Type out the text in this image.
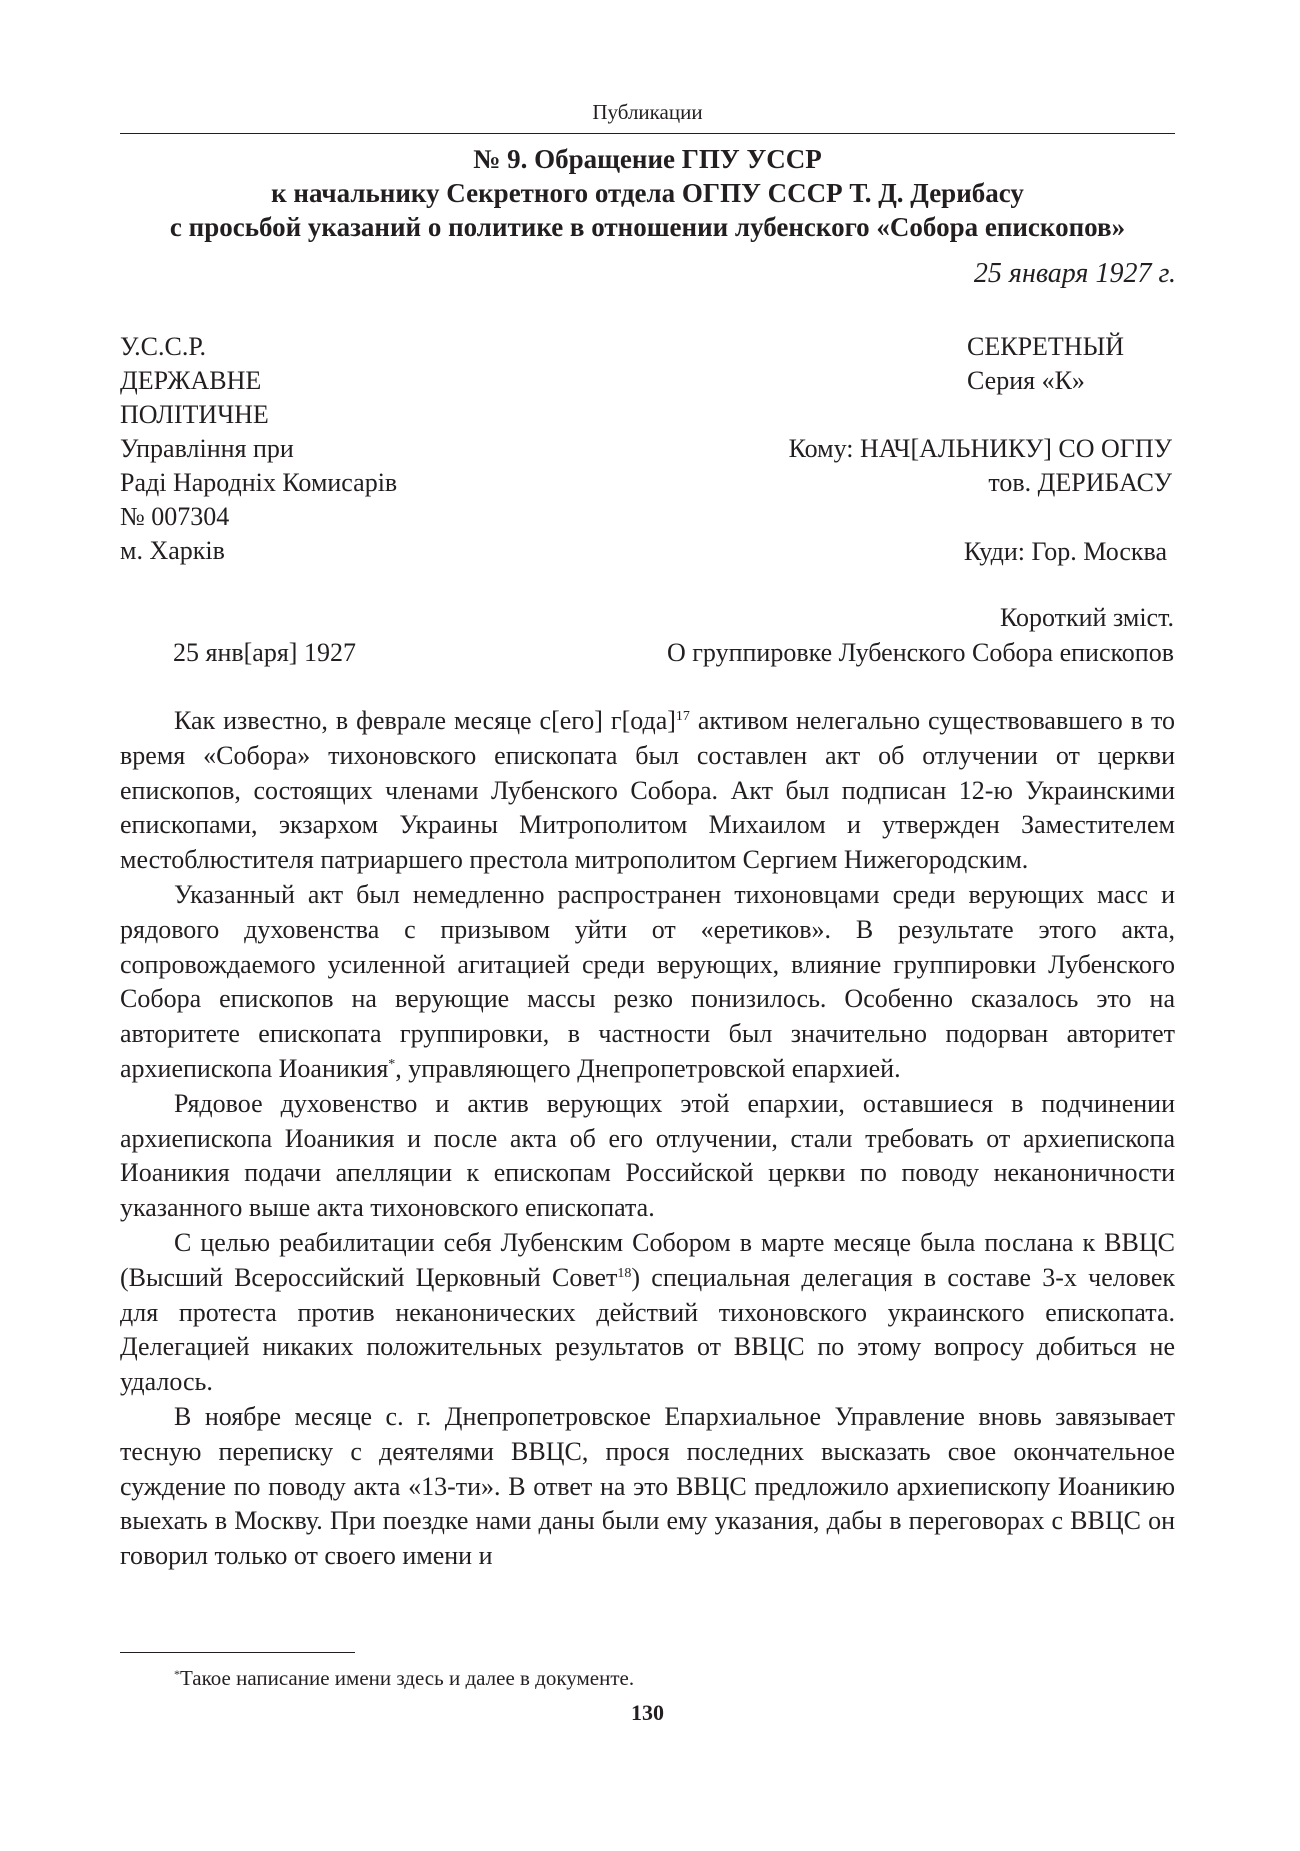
Публикации
№ 9. Обращение ГПУ УССР
к начальнику Секретного отдела ОГПУ СССР Т. Д. Дерибасу
с просьбой указаний о политике в отношении лубенского «Собора епископов»
25 января 1927 г.
У.С.С.Р.
ДЕРЖАВНЕ
ПОЛІТИЧНЕ
Управління при
Раді Народніх Комисарів
№ 007304
м. Харків
СЕКРЕТНЫЙ
Серия «К»
Кому: НАЧ[АЛЬНИКУ] СО ОГПУ
тов. ДЕРИБАСУ
Куди: Гор. Москва
Короткий зміст.
25 янв[аря] 1927	О группировке Лубенского Собора епископов

Как известно, в феврале месяце с[его] г[ода]$^{17}$ активом нелегально существовавшего в то время «Собора» тихоновского епископата был составлен акт об отлучении от церкви епископов, состоящих членами Лубенского Собора. Акт был подписан 12-ю Украинскими епископами, экзархом Украины Митрополитом Михаилом и утвержден Заместителем местоблюстителя патриаршего престола митрополитом Сергием Нижегородским.

Указанный акт был немедленно распространен тихоновцами среди верующих масс и рядового духовенства с призывом уйти от «еретиков». В результате этого акта, сопровождаемого усиленной агитацией среди верующих, влияние группировки Лубенского Собора епископов на верующие массы резко понизилось. Особенно сказалось это на авторитете епископата группировки, в частности был значительно подорван авторитет архиепископа Иоаникия*, управляющего Днепропетровской епархией.

Рядовое духовенство и актив верующих этой епархии, оставшиеся в подчинении архиепископа Иоаникия и после акта об его отлучении, стали требовать от архиепископа Иоаникия подачи апелляции к епископам Российской церкви по поводу неканоничности указанного выше акта тихоновского епископата.

С целью реабилитации себя Лубенским Собором в марте месяце была послана к ВВЦС (Высший Всероссийский Церковный Совет$^{18}$) специальная делегация в составе 3-х человек для протеста против неканонических действий тихоновского украинского епископата. Делегацией никаких положительных результатов от ВВЦС по этому вопросу добиться не удалось.

В ноябре месяце с. г. Днепропетровское Епархиальное Управление вновь завязывает тесную переписку с деятелями ВВЦС, прося последних высказать свое окончательное суждение по поводу акта «13-ти». В ответ на это ВВЦС предложило архиепископу Иоаникию выехать в Москву. При поездке нами даны были ему указания, дабы в переговорах с ВВЦС он говорил только от своего имени и

*Такое написание имени здесь и далее в документе.
130
